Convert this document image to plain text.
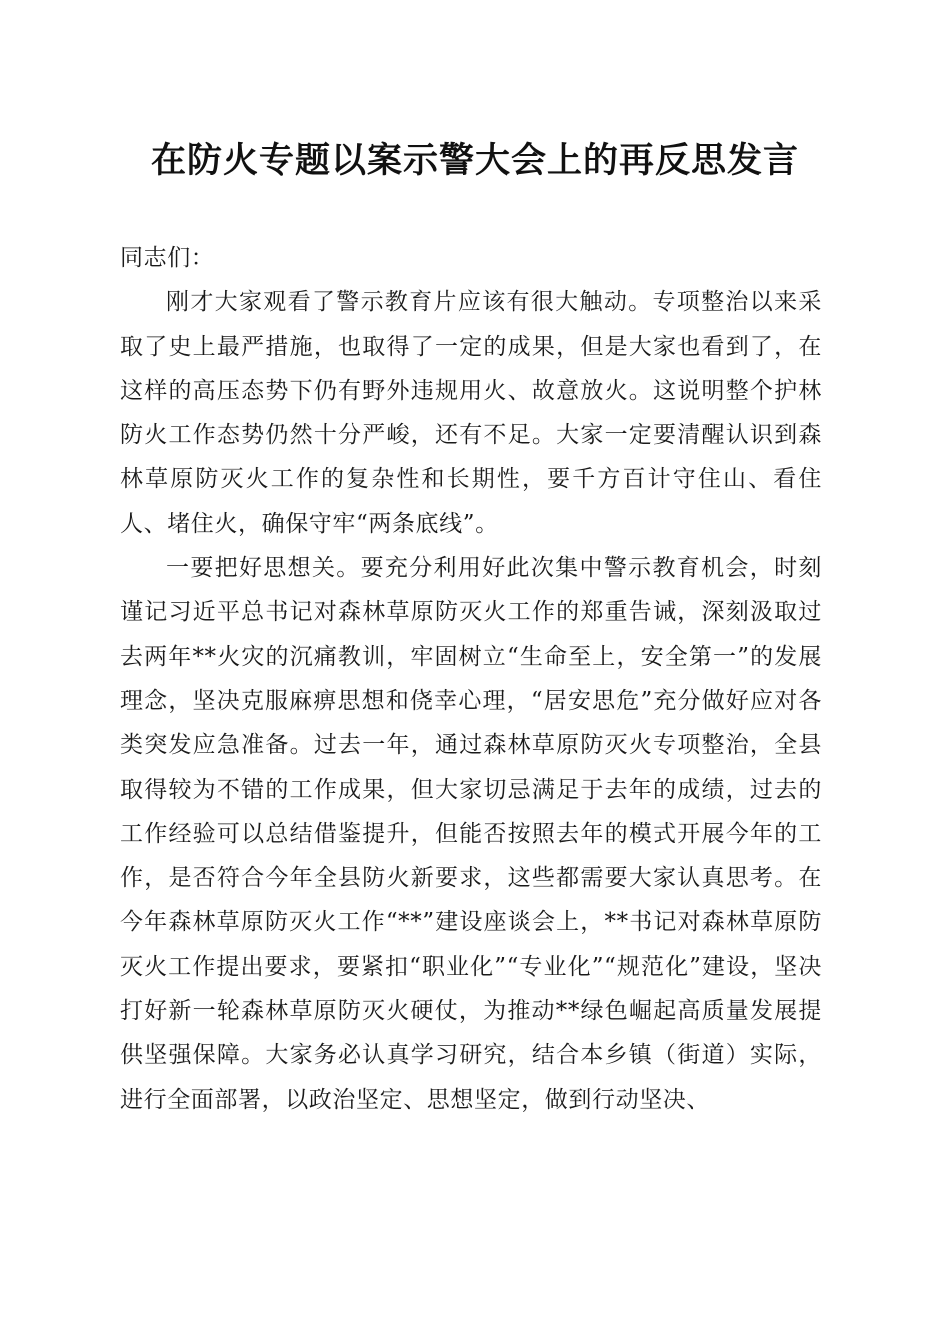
在防火专题以案示警大会上的再反思发言

同志们：

刚才大家观看了警示教育片应该有很大触动。专项整治以来采取了史上最严措施，也取得了一定的成果，但是大家也看到了，在这样的高压态势下仍有野外违规用火、故意放火。这说明整个护林防火工作态势仍然十分严峻，还有不足。大家一定要清醒认识到森林草原防灭火工作的复杂性和长期性，要千方百计守住山、看住人、堵住火，确保守牢“两条底线”。

一要把好思想关。要充分利用好此次集中警示教育机会，时刻谨记习近平总书记对森林草原防灭火工作的郑重告诫，深刻汲取过去两年**火灾的沉痛教训，牢固树立“生命至上，安全第一”的发展理念，坚决克服麻痹思想和侥幸心理，“居安思危”充分做好应对各类突发应急准备。过去一年，通过森林草原防灭火专项整治，全县取得较为不错的工作成果，但大家切忌满足于去年的成绩，过去的工作经验可以总结借鉴提升，但能否按照去年的模式开展今年的工作，是否符合今年全县防火新要求，这些都需要大家认真思考。在今年森林草原防灭火工作“**”建设座谈会上，**书记对森林草原防灭火工作提出要求，要紧扣“职业化”“专业化”“规范化”建设，坚决打好新一轮森林草原防灭火硬仗，为推动**绿色崛起高质量发展提供坚强保障。大家务必认真学习研究，结合本乡镇（街道）实际，进行全面部署，以政治坚定、思想坚定，做到行动坚决、
